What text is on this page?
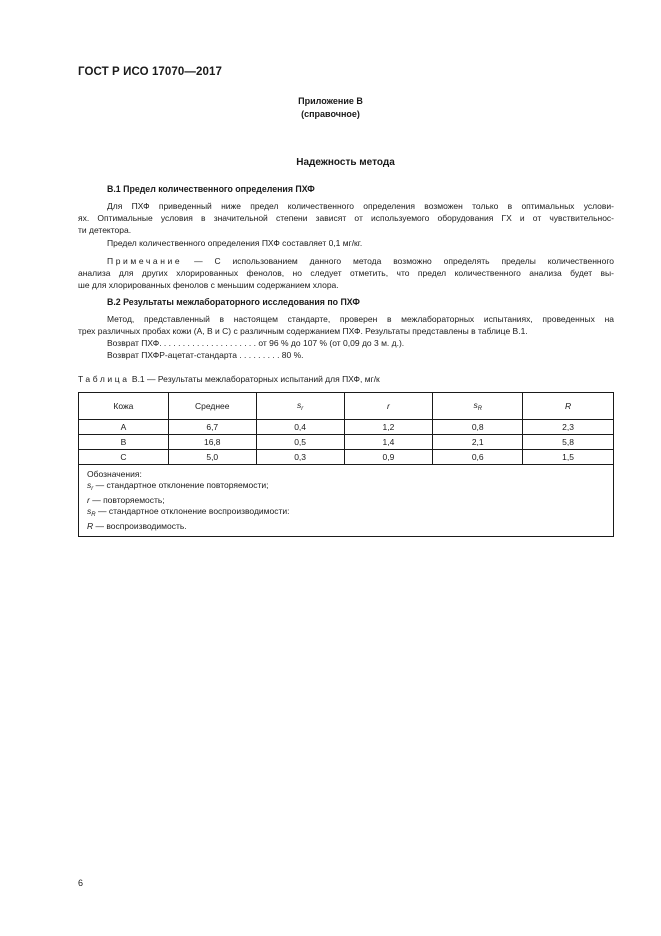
ГОСТ Р ИСО 17070—2017
Приложение В
(справочное)
Надежность метода
В.1 Предел количественного определения ПХФ
Для ПХФ приведенный ниже предел количественного определения возможен только в оптимальных услови-
ях. Оптимальные условия в значительной степени зависят от используемого оборудования ГХ и от чувствительнос-
ти детектора.
Предел количественного определения ПХФ составляет 0,1 мг/кг.
Примечание — С использованием данного метода возможно определять пределы количественного
анализа для других хлорированных фенолов, но следует отметить, что предел количественного анализа будет вы-
ше для хлорированных фенолов с меньшим содержанием хлора.
В.2 Результаты межлабораторного исследования по ПХФ
Метод, представленный в настоящем стандарте, проверен в межлабораторных испытаниях, проведенных на
трех различных пробах кожи (А, В и С) с различным содержанием ПХФ. Результаты представлены в таблице В.1.
Возврат ПХФ. . . . . . . . . . . . . . . . . . . . . от 96 % до 107 % (от 0,09 до 3 м. д.).
Возврат ПХФР-ацетат-стандарта . . . . . . . . . 80 %.
Таблица В.1 — Результаты межлабораторных испытаний для ПХФ, мг/к
Кожа	Среднее	$s_r$	r	$s_R$	R
А	6,7	0,4	1,2	0,8	2,3
В	16,8	0,5	1,4	2,1	5,8
С	5,0	0,3	0,9	0,6	1,5

Обозначения:
$s_r$ — стандартное отклонение повторяемости;
r — повторяемость;
$s_R$ — стандартное отклонение воспроизводимости:
R — воспроизводимость.					
6
